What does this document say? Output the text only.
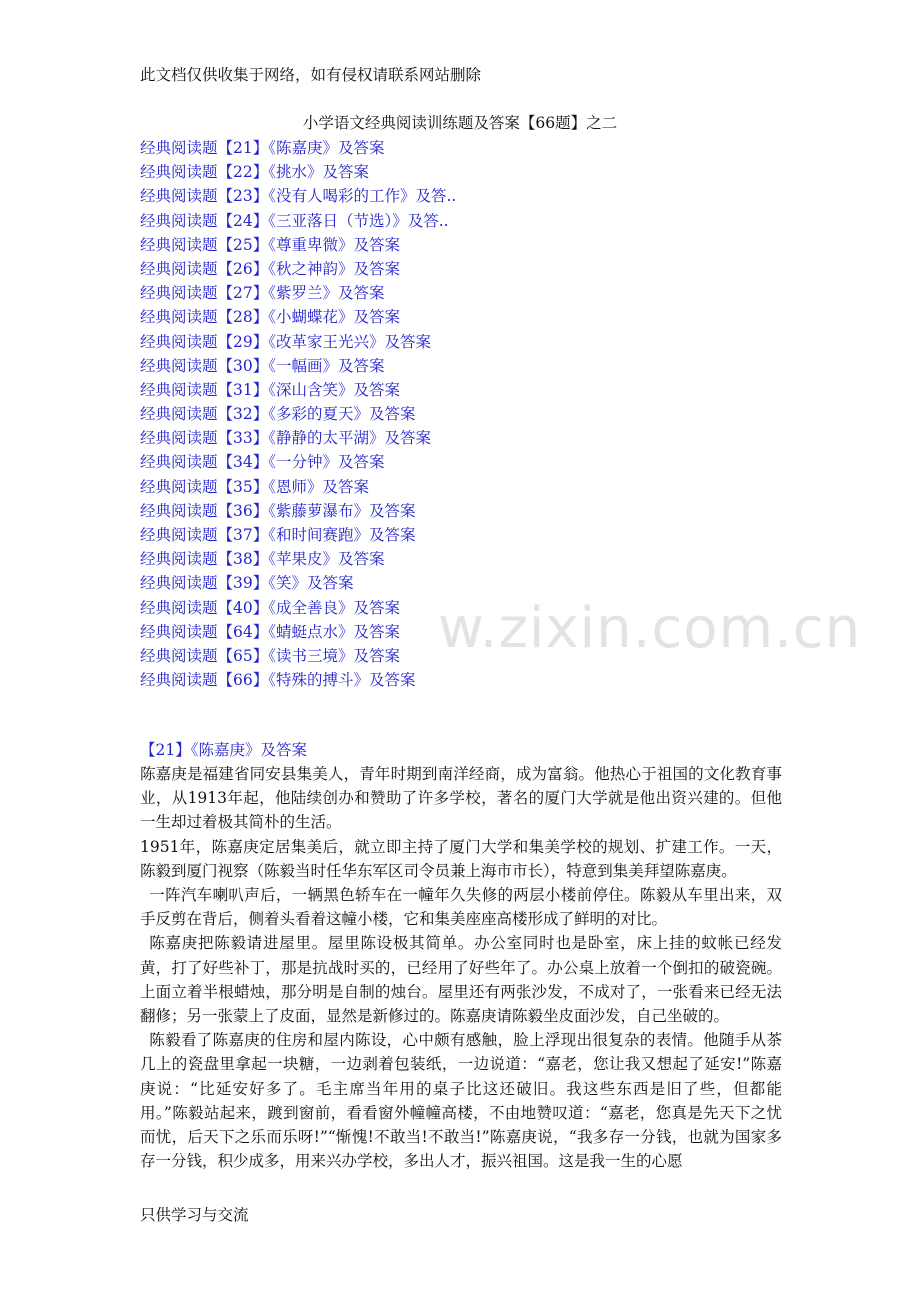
此文档仅供收集于网络，如有侵权请联系网站删除
小学语文经典阅读训练题及答案【66题】之二
经典阅读题【21】《陈嘉庚》及答案
经典阅读题【22】《挑水》及答案
经典阅读题【23】《没有人喝彩的工作》及答..
经典阅读题【24】《三亚落日（节选）》及答..
经典阅读题【25】《尊重卑微》及答案
经典阅读题【26】《秋之神韵》及答案
经典阅读题【27】《紫罗兰》及答案
经典阅读题【28】《小蝴蝶花》及答案
经典阅读题【29】《改革家王光兴》及答案
经典阅读题【30】《一幅画》及答案
经典阅读题【31】《深山含笑》及答案
经典阅读题【32】《多彩的夏天》及答案
经典阅读题【33】《静静的太平湖》及答案
经典阅读题【34】《一分钟》及答案
经典阅读题【35】《恩师》及答案
经典阅读题【36】《紫藤萝瀑布》及答案
经典阅读题【37】《和时间赛跑》及答案
经典阅读题【38】《苹果皮》及答案
经典阅读题【39】《笑》及答案
经典阅读题【40】《成全善良》及答案
经典阅读题【64】《蜻蜓点水》及答案
经典阅读题【65】《读书三境》及答案
经典阅读题【66】《特殊的搏斗》及答案
w.zixin.com.cn
【21】《陈嘉庚》及答案

陈嘉庚是福建省同安县集美人，青年时期到南洋经商，成为富翁。他热心于祖国的文化教育事业，从1913年起，他陆续创办和赞助了许多学校，著名的厦门大学就是他出资兴建的。但他一生却过着极其简朴的生活。

1951年，陈嘉庚定居集美后，就立即主持了厦门大学和集美学校的规划、扩建工作。一天，陈毅到厦门视察（陈毅当时任华东军区司令员兼上海市市长），特意到集美拜望陈嘉庚。

一阵汽车喇叭声后，一辆黑色轿车在一幢年久失修的两层小楼前停住。陈毅从车里出来，双手反剪在背后，侧着头看着这幢小楼，它和集美座座高楼形成了鲜明的对比。

陈嘉庚把陈毅请进屋里。屋里陈设极其简单。办公室同时也是卧室，床上挂的蚊帐已经发黄，打了好些补丁，那是抗战时买的，已经用了好些年了。办公桌上放着一个倒扣的破瓷碗。上面立着半根蜡烛，那分明是自制的烛台。屋里还有两张沙发，不成对了，一张看来已经无法翻修；另一张蒙上了皮面，显然是新修过的。陈嘉庚请陈毅坐皮面沙发，自己坐破的。

陈毅看了陈嘉庚的住房和屋内陈设，心中颇有感触，脸上浮现出很复杂的表情。他随手从茶几上的瓷盘里拿起一块糖，一边剥着包装纸，一边说道：“嘉老，您让我又想起了延安!”陈嘉庚说：“比延安好多了。毛主席当年用的桌子比这还破旧。我这些东西是旧了些，但都能用。”陈毅站起来，踱到窗前，看看窗外幢幢高楼，不由地赞叹道：“嘉老，您真是先天下之忧而忧，后天下之乐而乐呀!”“惭愧!不敢当!不敢当!”陈嘉庚说，“我多存一分钱，也就为国家多存一分钱，积少成多，用来兴办学校，多出人才，振兴祖国。这是我一生的心愿

只供学习与交流
